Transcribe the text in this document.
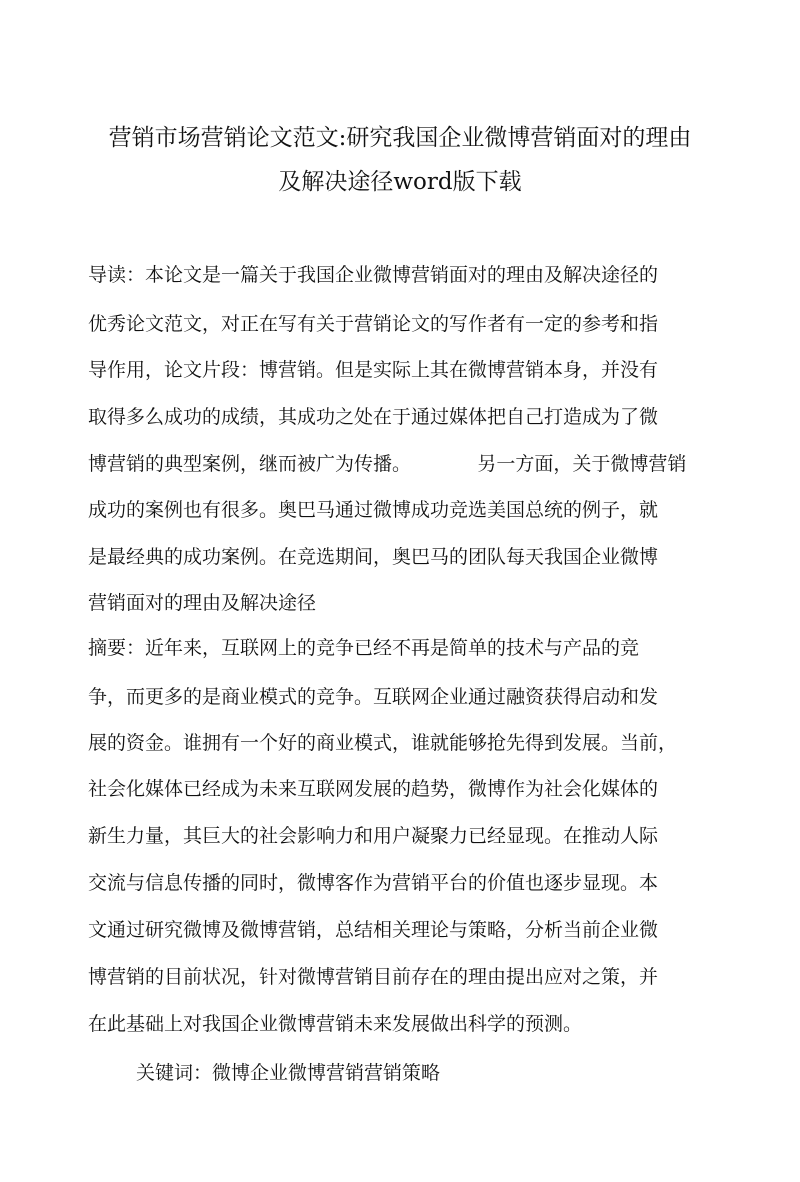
营销市场营销论文范文:研究我国企业微博营销面对的理由
及解决途径word版下载

导读：本论文是一篇关于我国企业微博营销面对的理由及解决途径的

优秀论文范文，对正在写有关于营销论文的写作者有一定的参考和指

导作用，论文片段：博营销。但是实际上其在微博营销本身，并没有

取得多么成功的成绩，其成功之处在于通过媒体把自己打造成为了微

博营销的典型案例，继而被广为传播。           另一方面，关于微博营销

成功的案例也有很多。奥巴马通过微博成功竞选美国总统的例子，就

是最经典的成功案例。在竞选期间，奥巴马的团队每天我国企业微博

营销面对的理由及解决途径

摘要：近年来，互联网上的竞争已经不再是简单的技术与产品的竞

争，而更多的是商业模式的竞争。互联网企业通过融资获得启动和发

展的资金。谁拥有一个好的商业模式，谁就能够抢先得到发展。当前，

社会化媒体已经成为未来互联网发展的趋势，微博作为社会化媒体的

新生力量，其巨大的社会影响力和用户凝聚力已经显现。在推动人际

交流与信息传播的同时，微博客作为营销平台的价值也逐步显现。本

文通过研究微博及微博营销，总结相关理论与策略，分析当前企业微

博营销的目前状况，针对微博营销目前存在的理由提出应对之策，并

在此基础上对我国企业微博营销未来发展做出科学的预测。

关键词：微博企业微博营销营销策略
